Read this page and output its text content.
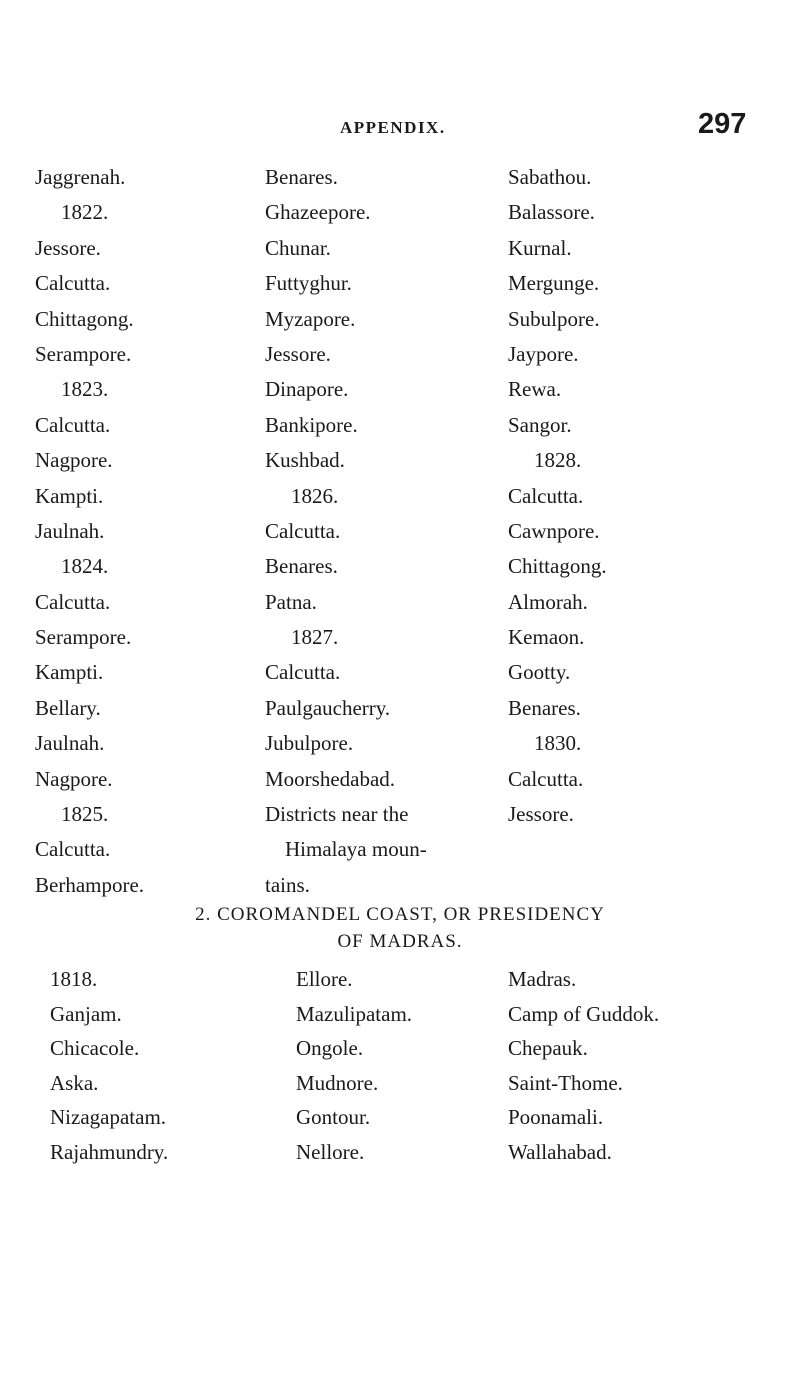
APPENDIX.	297
Jaggrenah.
1822.
Jessore.
Calcutta.
Chittagong.
Serampore.
1823.
Calcutta.
Nagpore.
Kampti.
Jaulnah.
1824.
Calcutta.
Serampore.
Kampti.
Bellary.
Jaulnah.
Nagpore.
1825.
Calcutta.
Berhampore.
Benares.
Ghazeepore.
Chunar.
Futtyghur.
Myzapore.
Jessore.
Dinapore.
Bankipore.
Kushbad.
1826.
Calcutta.
Benares.
Patna.
1827.
Calcutta.
Paulgaucherry.
Jubulpore.
Moorshedabad.
Districts near the
Himalaya moun-
tains.
Sabathou.
Balassore.
Kurnal.
Mergunge.
Subulpore.
Jaypore.
Rewa.
Sangor.
1828.
Calcutta.
Cawnpore.
Chittagong.
Almorah.
Kemaon.
Gootty.
Benares.
1830.
Calcutta.
Jessore.
2. COROMANDEL COAST, OR PRESIDENCY
OF MADRAS.
1818.
Ganjam.
Chicacole.
Aska.
Nizagapatam.
Rajahmundry.
Ellore.
Mazulipatam.
Ongole.
Mudnore.
Gontour.
Nellore.
Madras.
Camp of Guddok.
Chepauk.
Saint-Thome.
Poonamali.
Wallahabad.
